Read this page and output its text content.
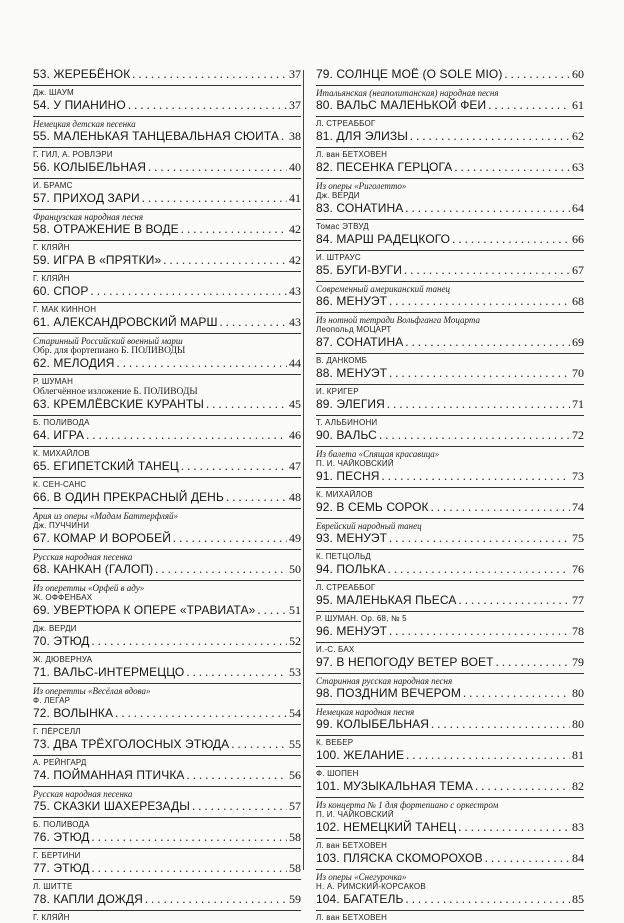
53. ЖЕРЕБЁНОК . . .	37
Дж. ШАУМ
54. У ПИАНИНО . . .	37
Немецкая детская песенка
55. МАЛЕНЬКАЯ ТАНЦЕВАЛЬНАЯ СЮИТА . . . 38
Г. ГИЛ, А. РОВЛЭРИ
56. КОЛЫБЕЛЬНАЯ . . .	40
И. БРАМС
57. ПРИХОД ЗАРИ . . .	41
Французская народная песня
58. ОТРАЖЕНИЕ В ВОДЕ . . .	42
Г. КЛЯЙН
59. ИГРА В «ПРЯТКИ» . . .	42
Г. КЛЯЙН
60. СПОР . . .	43
Г. МАК КИННОН
61. АЛЕКСАНДРОВСКИЙ МАРШ . . .	43
Старинный Российский военный марш
Обр. для фортепиано Б. ПОЛИВОДЫ
62. МЕЛОДИЯ . . .	44
Р. ШУМАН
Облегчённое изложение Б. ПОЛИВОДЫ
63. КРЕМЛЁВСКИЕ КУРАНТЫ . . .	45
Б. ПОЛИВОДА
64. ИГРА . . .	46
К. МИХАЙЛОВ
65. ЕГИПЕТСКИЙ ТАНЕЦ . . .	47
К. СЕН-САНС
66. В ОДИН ПРЕКРАСНЫЙ ДЕНЬ . . .	48
Ария из оперы «Мадам Баттерфляй»
Дж. ПУЧЧИНИ
67. КОМАР И ВОРОБЕЙ . . .	49
Русская народная песенка
68. КАНКАН (ГАЛОП) . . .	50
Из оперетты «Орфей в аду»
Ж. ОФФЕНБАХ
69. УВЕРТЮРА К ОПЕРЕ «ТРАВИАТА» . . .	51
Дж. ВЕРДИ
70. ЭТЮД . . .	52
Ж. ДЮВЕРНУА
71. ВАЛЬС-ИНТЕРМЕЦЦО . . .	53
Из оперетты «Весёлая вдова»
Ф. ЛЕГАР
72. ВОЛЫНКА . . .	54
Г. ПЁРСЕЛЛ
73. ДВА ТРЁХГОЛОСНЫХ ЭТЮДА . . .	55
А. РЕЙНГАРД
74. ПОЙМАННАЯ ПТИЧКА . . .	56
Русская народная песенка
75. СКАЗКИ ШАХЕРЕЗАДЫ . . .	57
Б. ПОЛИВОДА
76. ЭТЮД . . .	58
Г. БЕРТИНИ
77. ЭТЮД . . .	58
Л. ШИТТЕ
78. КАПЛИ ДОЖДЯ . . .	59
Г. КЛЯЙН
79. СОЛНЦЕ МОЁ (O SOLE MIO) . . .	60
Итальянская (неаполитанская) народная песня
80. ВАЛЬС МАЛЕНЬКОЙ ФЕИ . . .	61
Л. СТРЕАББОГ
81. ДЛЯ ЭЛИЗЫ . . .	62
Л. ван БЕТХОВЕН
82. ПЕСЕНКА ГЕРЦОГА . . .	63
Из оперы «Риголетто»
Дж. ВЕРДИ
83. СОНАТИНА . . .	64
Томас ЭТВУД
84. МАРШ РАДЕЦКОГО . . .	66
И. ШТРАУС
85. БУГИ-ВУГИ . . .	67
Современный американский танец
86. МЕНУЭТ . . .	68
Из нотной тетради Вольфганга Моцарта
Леопольд МОЦАРТ
87. СОНАТИНА . . .	69
В. ДАНКОМБ
88. МЕНУЭТ . . .	70
И. КРИГЕР
89. ЭЛЕГИЯ . . .	71
Т. АЛЬБИНОНИ
90. ВАЛЬС . . .	72
Из балета «Спящая красавица»
П. И. ЧАЙКОВСКИЙ
91. ПЕСНЯ . . .	73
К. МИХАЙЛОВ
92. В СЕМЬ СОРОК . . .	74
Еврейский народный танец
93. МЕНУЭТ . . .	75
К. ПЕТЦОЛЬД
94. ПОЛЬКА . . .	76
Л. СТРЕАББОГ
95. МАЛЕНЬКАЯ ПЬЕСА . . .	77
Р. ШУМАН. Ор. 68, № 5
96. МЕНУЭТ . . .	78
И.-С. БАХ
97. В НЕПОГОДУ ВЕТЕР ВОЕТ . . .	79
Старинная русская народная песня
98. ПОЗДНИМ ВЕЧЕРОМ . . .	80
Немецкая народная песня
99. КОЛЫБЕЛЬНАЯ . . .	80
К. ВЕБЕР
100. ЖЕЛАНИЕ . . .	81
Ф. ШОПЕН
101. МУЗЫКАЛЬНАЯ ТЕМА . . .	82
Из концерта № 1 для фортепиано с оркестром
П. И. ЧАЙКОВСКИЙ
102. НЕМЕЦКИЙ ТАНЕЦ . . .	83
Л. ван БЕТХОВЕН
103. ПЛЯСКА СКОМОРОХОВ . . .	84
Из оперы «Снегурочка»
Н. А. РИМСКИЙ-КОРСАКОВ
104. БАГАТЕЛЬ . . .	85
Л. ван БЕТХОВЕН
